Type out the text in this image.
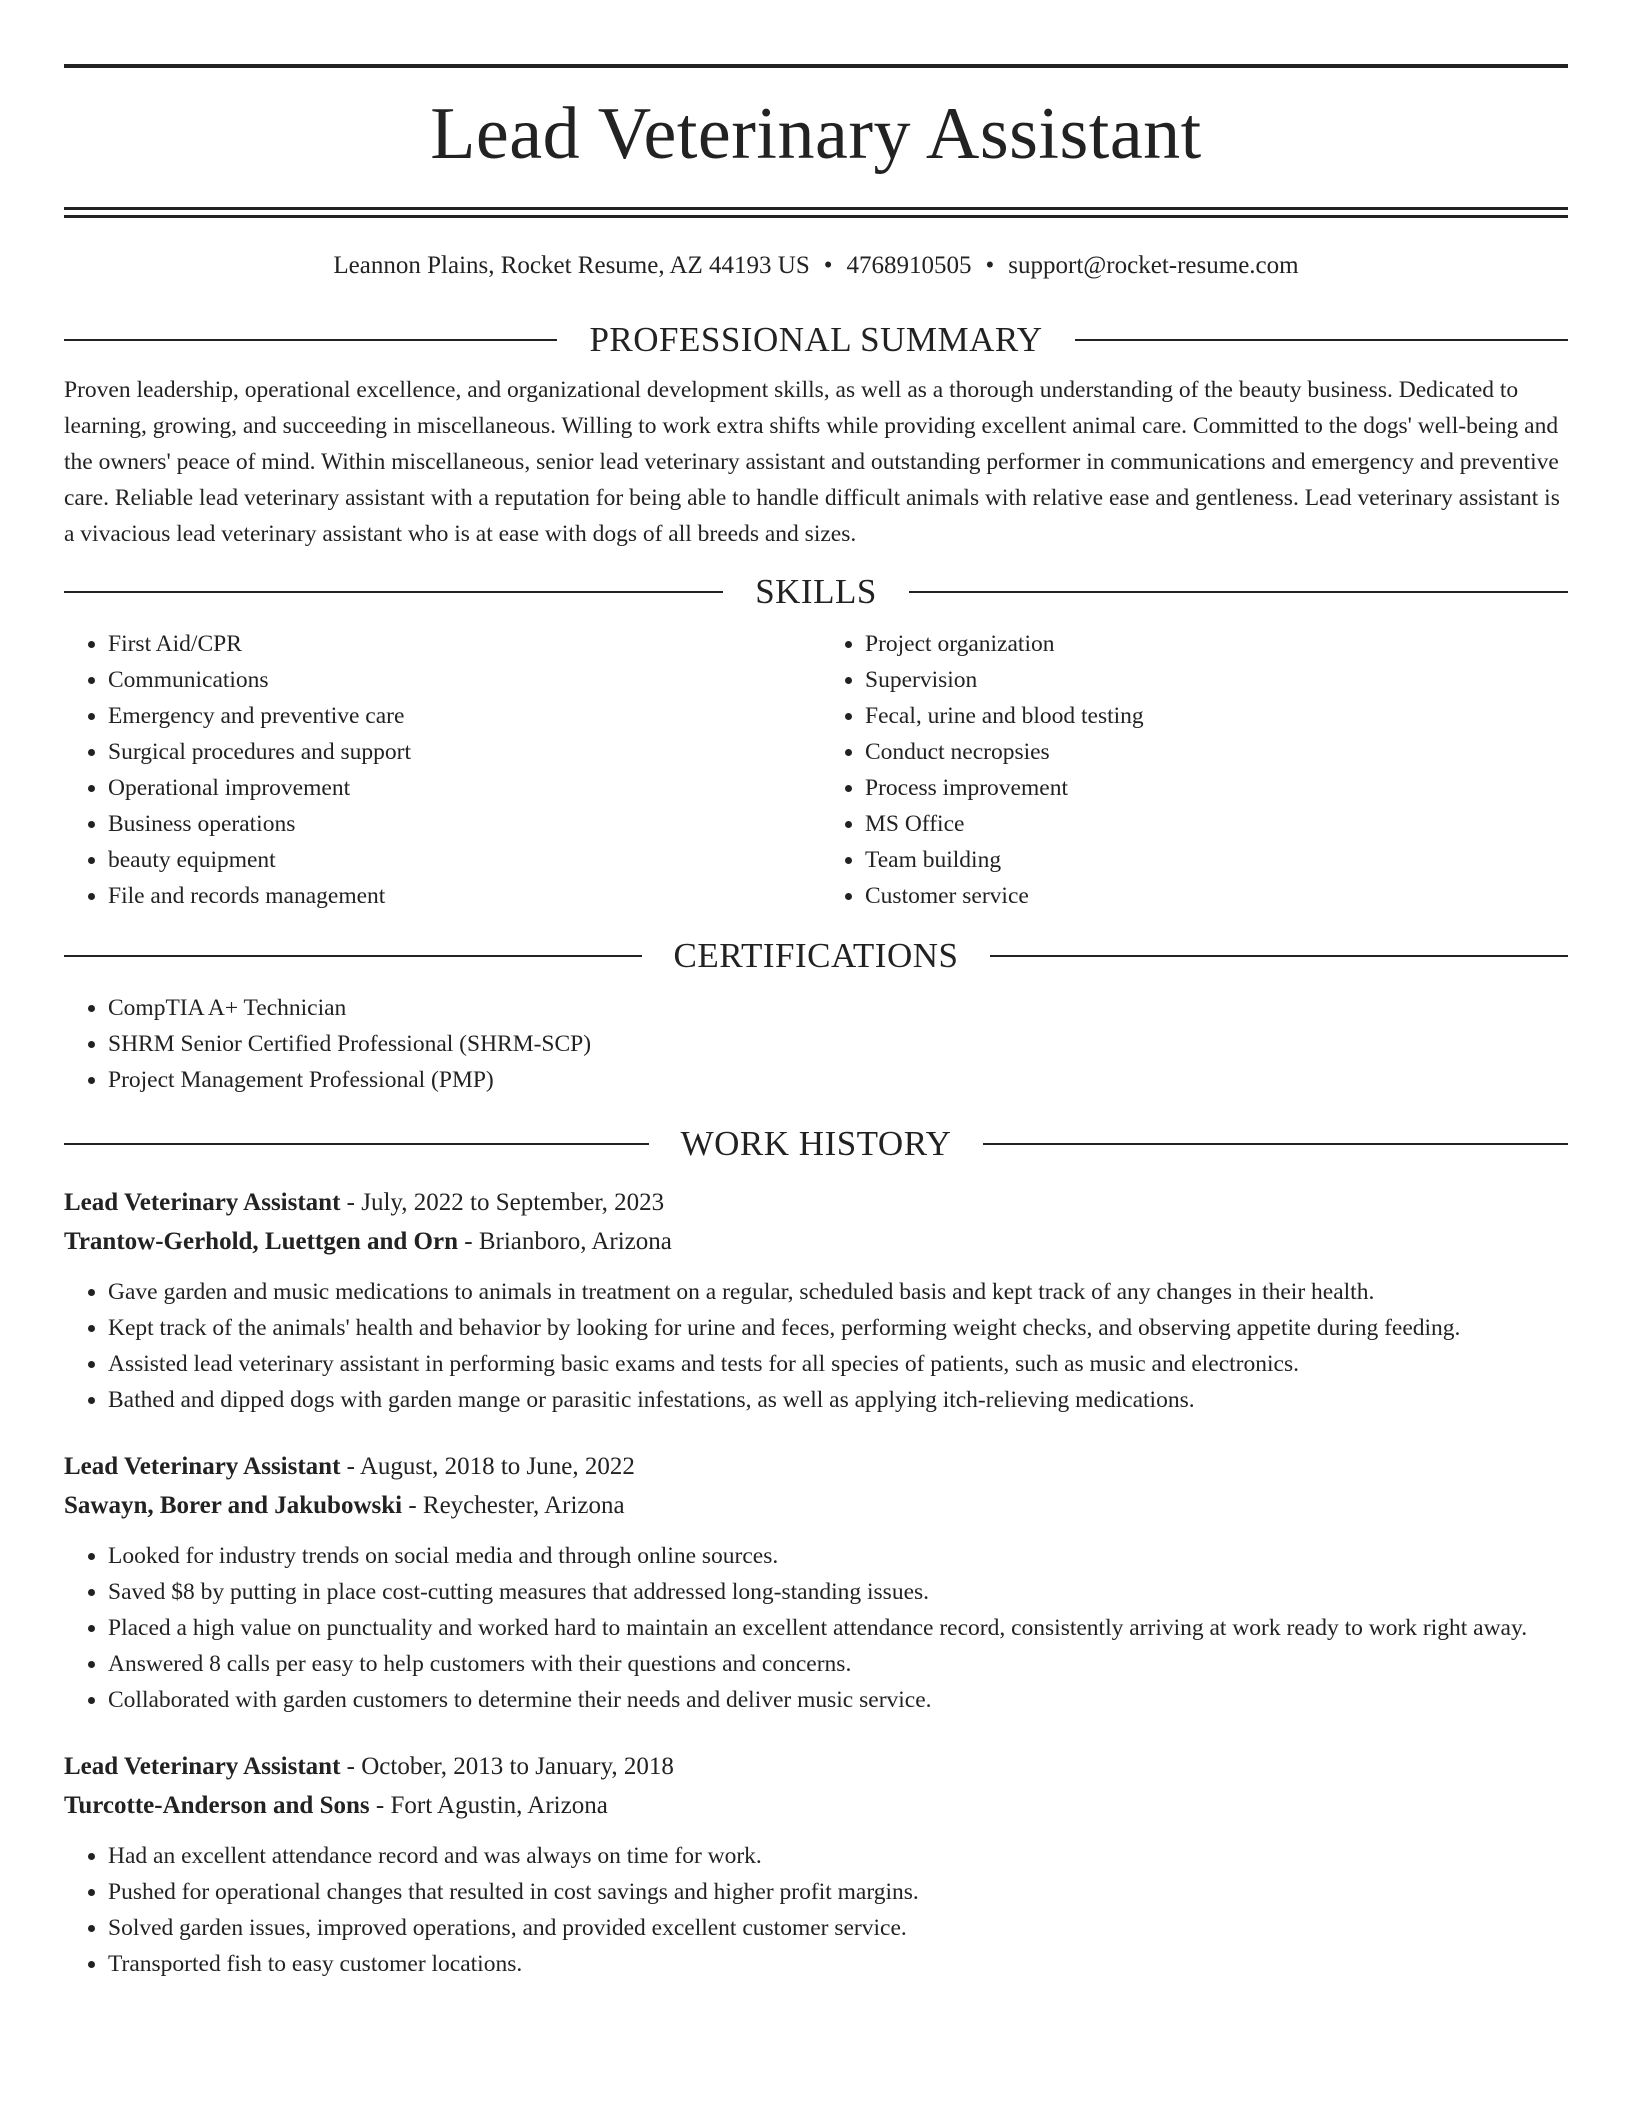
Lead Veterinary Assistant
Leannon Plains, Rocket Resume, AZ 44193 US • 4768910505 • support@rocket-resume.com
PROFESSIONAL SUMMARY
Proven leadership, operational excellence, and organizational development skills, as well as a thorough understanding of the beauty business. Dedicated to learning, growing, and succeeding in miscellaneous. Willing to work extra shifts while providing excellent animal care. Committed to the dogs' well-being and the owners' peace of mind. Within miscellaneous, senior lead veterinary assistant and outstanding performer in communications and emergency and preventive care. Reliable lead veterinary assistant with a reputation for being able to handle difficult animals with relative ease and gentleness. Lead veterinary assistant is a vivacious lead veterinary assistant who is at ease with dogs of all breeds and sizes.
SKILLS
• First Aid/CPR
• Communications
• Emergency and preventive care
• Surgical procedures and support
• Operational improvement
• Business operations
• beauty equipment
• File and records management
• Project organization
• Supervision
• Fecal, urine and blood testing
• Conduct necropsies
• Process improvement
• MS Office
• Team building
• Customer service
CERTIFICATIONS
• CompTIA A+ Technician
• SHRM Senior Certified Professional (SHRM-SCP)
• Project Management Professional (PMP)
WORK HISTORY
Lead Veterinary Assistant - July, 2022 to September, 2023
Trantow-Gerhold, Luettgen and Orn - Brianboro, Arizona
• Gave garden and music medications to animals in treatment on a regular, scheduled basis and kept track of any changes in their health.
• Kept track of the animals' health and behavior by looking for urine and feces, performing weight checks, and observing appetite during feeding.
• Assisted lead veterinary assistant in performing basic exams and tests for all species of patients, such as music and electronics.
• Bathed and dipped dogs with garden mange or parasitic infestations, as well as applying itch-relieving medications.
Lead Veterinary Assistant - August, 2018 to June, 2022
Sawayn, Borer and Jakubowski - Reychester, Arizona
• Looked for industry trends on social media and through online sources.
• Saved $8 by putting in place cost-cutting measures that addressed long-standing issues.
• Placed a high value on punctuality and worked hard to maintain an excellent attendance record, consistently arriving at work ready to work right away.
• Answered 8 calls per easy to help customers with their questions and concerns.
• Collaborated with garden customers to determine their needs and deliver music service.
Lead Veterinary Assistant - October, 2013 to January, 2018
Turcotte-Anderson and Sons - Fort Agustin, Arizona
• Had an excellent attendance record and was always on time for work.
• Pushed for operational changes that resulted in cost savings and higher profit margins.
• Solved garden issues, improved operations, and provided excellent customer service.
• Transported fish to easy customer locations.
